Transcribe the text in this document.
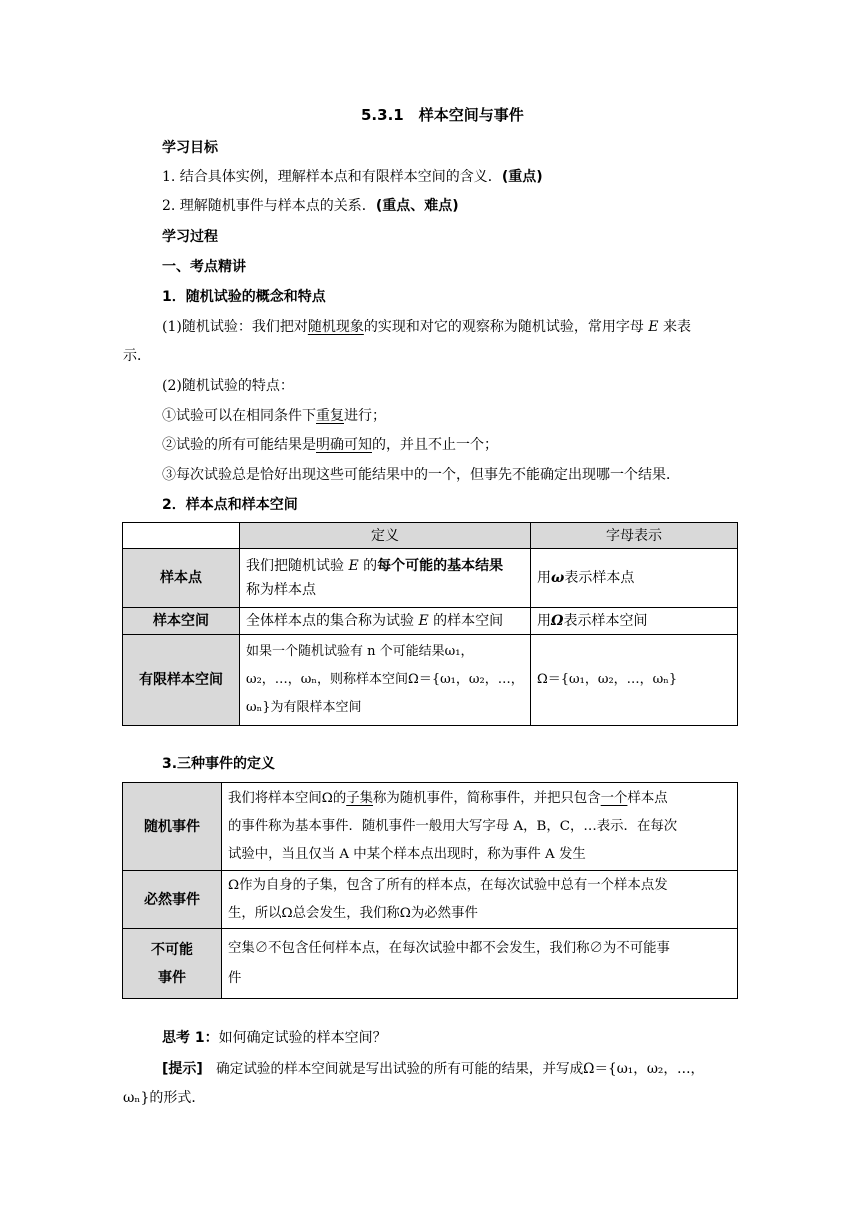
5.3.1　样本空间与事件
学习目标
1. 结合具体实例，理解样本点和有限样本空间的含义．(重点)
2. 理解随机事件与样本点的关系．(重点、难点)
学习过程
一、考点精讲
1．随机试验的概念和特点
(1)随机试验：我们把对随机现象的实现和对它的观察称为随机试验，常用字母 E 来表
示．
(2)随机试验的特点：
①试验可以在相同条件下重复进行；
②试验的所有可能结果是明确可知的，并且不止一个；
③每次试验总是恰好出现这些可能结果中的一个，但事先不能确定出现哪一个结果．
2．样本点和样本空间
	定义	字母表示
样本点	我们把随机试验 E 的每个可能的基本结果
称为样本点	用ω表示样本点
样本空间	全体样本点的集合称为试验 E 的样本空间	用Ω表示样本空间
有限样本空间	如果一个随机试验有 n 个可能结果ω₁，
ω₂，…，ωₙ，则称样本空间Ω＝{ω₁，ω₂，…，
ωₙ}为有限样本空间	Ω＝{ω₁，ω₂，…，ωₙ}
3.三种事件的定义
随机事件	我们将样本空间Ω的子集称为随机事件，简称事件，并把只包含一个样本点
的事件称为基本事件．随机事件一般用大写字母 A，B，C，…表示．在每次
试验中，当且仅当 A 中某个样本点出现时，称为事件 A 发生
必然事件	Ω作为自身的子集，包含了所有的样本点，在每次试验中总有一个样本点发
生，所以Ω总会发生，我们称Ω为必然事件
不可能
事件	空集∅不包含任何样本点，在每次试验中都不会发生，我们称∅为不可能事
件
思考 1：如何确定试验的样本空间？
[提示] 确定试验的样本空间就是写出试验的所有可能的结果，并写成Ω＝{ω₁，ω₂，…，
ωₙ}的形式．
